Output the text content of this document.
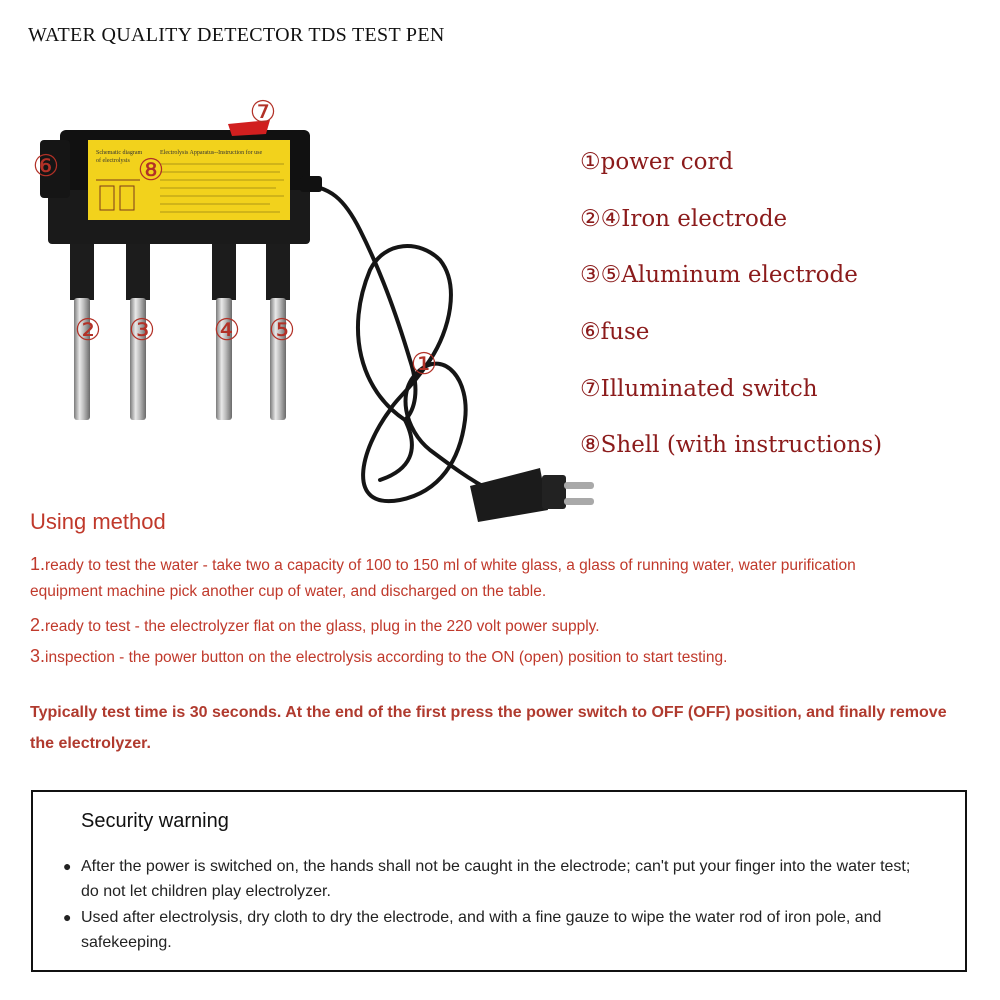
WATER QUALITY DETECTOR TDS TEST PEN
Schematic diagram
of electrolysis
Electrolysis Apparatus--Instruction for use
② ③ ④ ⑤
⑥
⑦
⑧
①
①power cord
②④Iron electrode
③⑤Aluminum electrode
⑥fuse
⑦Illuminated switch
⑧Shell (with instructions)
Using method
1.ready to test the water - take two a capacity of 100 to 150 ml of white glass, a glass of running water, water purification equipment machine pick another cup of water, and discharged on the table.
2.ready to test - the electrolyzer flat on the glass, plug in the 220 volt power supply.
3.inspection - the power button on the electrolysis according to the ON (open) position to start testing.
Typically test time is 30 seconds. At the end of the first press the power switch to OFF (OFF) position, and finally remove the electrolyzer.
Security warning
● After the power is switched on, the hands shall not be caught in the electrode; can't put your finger into the water test; do not let children play electrolyzer.
● Used after electrolysis, dry cloth to dry the electrode, and with a fine gauze to wipe the water rod of iron pole, and safekeeping.
